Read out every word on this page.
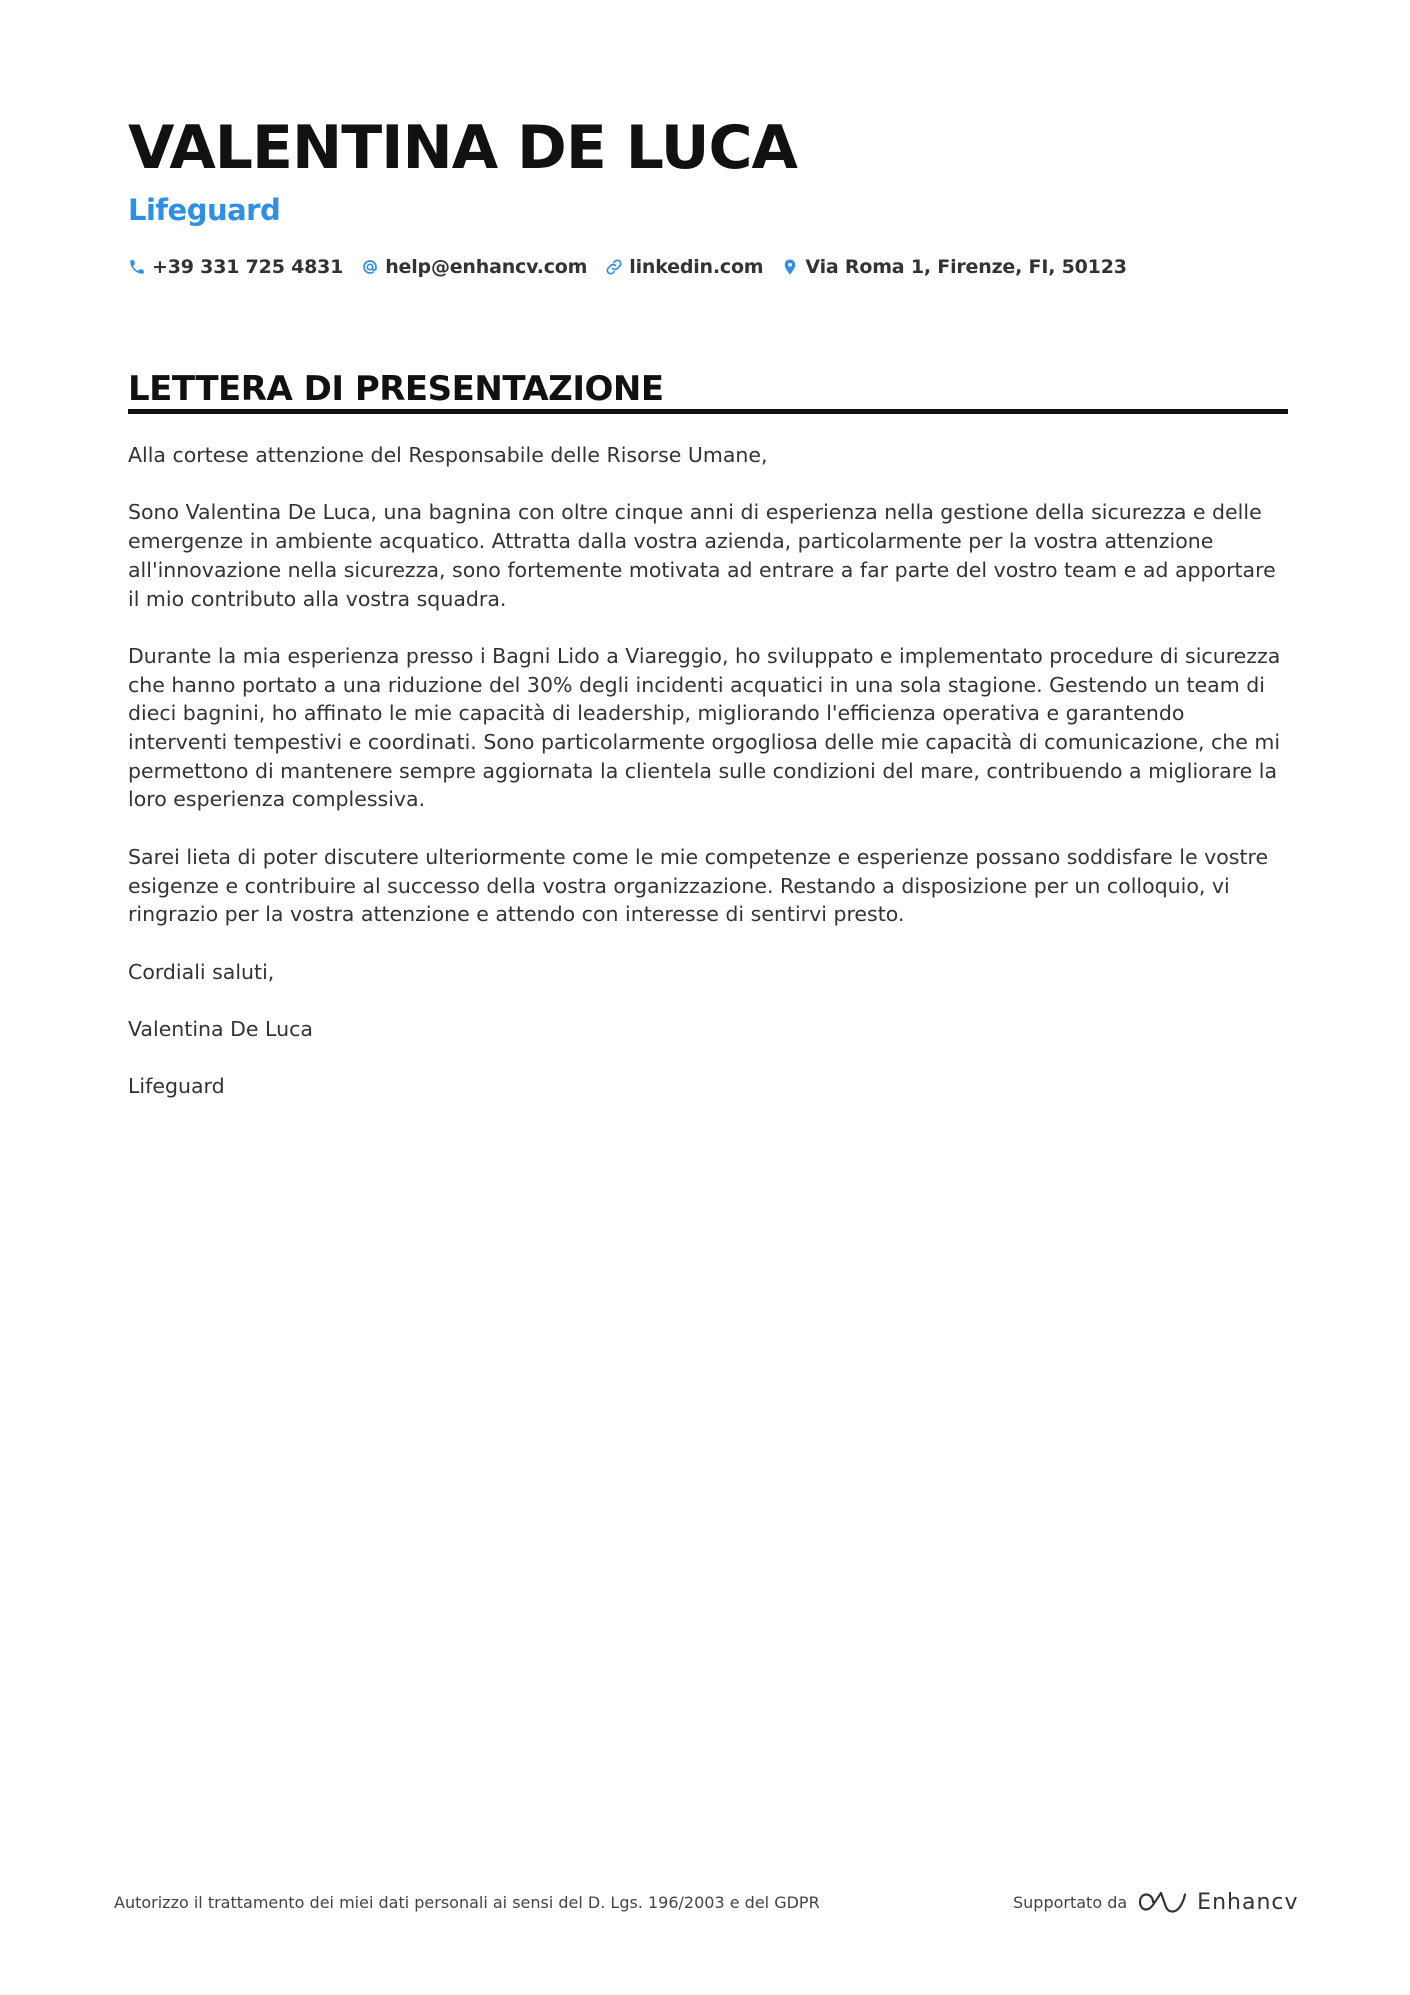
VALENTINA DE LUCA
Lifeguard
+39 331 725 4831 help@enhancv.com linkedin.com Via Roma 1, Firenze, FI, 50123
LETTERA DI PRESENTAZIONE

Alla cortese attenzione del Responsabile delle Risorse Umane,

Sono Valentina De Luca, una bagnina con oltre cinque anni di esperienza nella gestione della sicurezza e delle emergenze in ambiente acquatico. Attratta dalla vostra azienda, particolarmente per la vostra attenzione all'innovazione nella sicurezza, sono fortemente motivata ad entrare a far parte del vostro team e ad apportare il mio contributo alla vostra squadra.

Durante la mia esperienza presso i Bagni Lido a Viareggio, ho sviluppato e implementato procedure di sicurezza che hanno portato a una riduzione del 30% degli incidenti acquatici in una sola stagione. Gestendo un team di dieci bagnini, ho affinato le mie capacità di leadership, migliorando l'efficienza operativa e garantendo interventi tempestivi e coordinati. Sono particolarmente orgogliosa delle mie capacità di comunicazione, che mi permettono di mantenere sempre aggiornata la clientela sulle condizioni del mare, contribuendo a migliorare la loro esperienza complessiva.

Sarei lieta di poter discutere ulteriormente come le mie competenze e esperienze possano soddisfare le vostre esigenze e contribuire al successo della vostra organizzazione. Restando a disposizione per un colloquio, vi ringrazio per la vostra attenzione e attendo con interesse di sentirvi presto.

Cordiali saluti,

Valentina De Luca

Lifeguard

Autorizzo il trattamento dei miei dati personali ai sensi del D. Lgs. 196/2003 e del GDPR	Supportato da	Enhancv
